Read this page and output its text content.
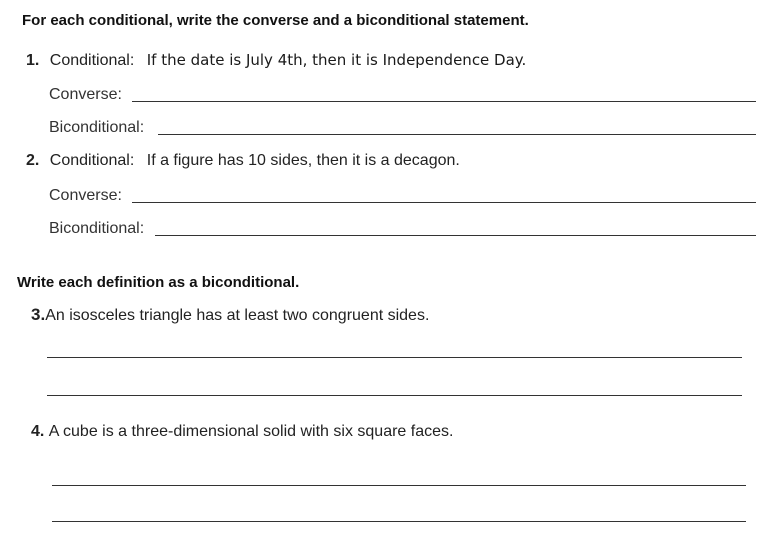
For each conditional, write the converse and a biconditional statement.
1. Conditional: If the date is July 4th, then it is Independence Day.
Converse:
Biconditional:
2. Conditional: If a figure has 10 sides, then it is a decagon.
Converse:
Biconditional:
Write each definition as a biconditional.
3.An isosceles triangle has at least two congruent sides.
4. A cube is a three-dimensional solid with six square faces.
